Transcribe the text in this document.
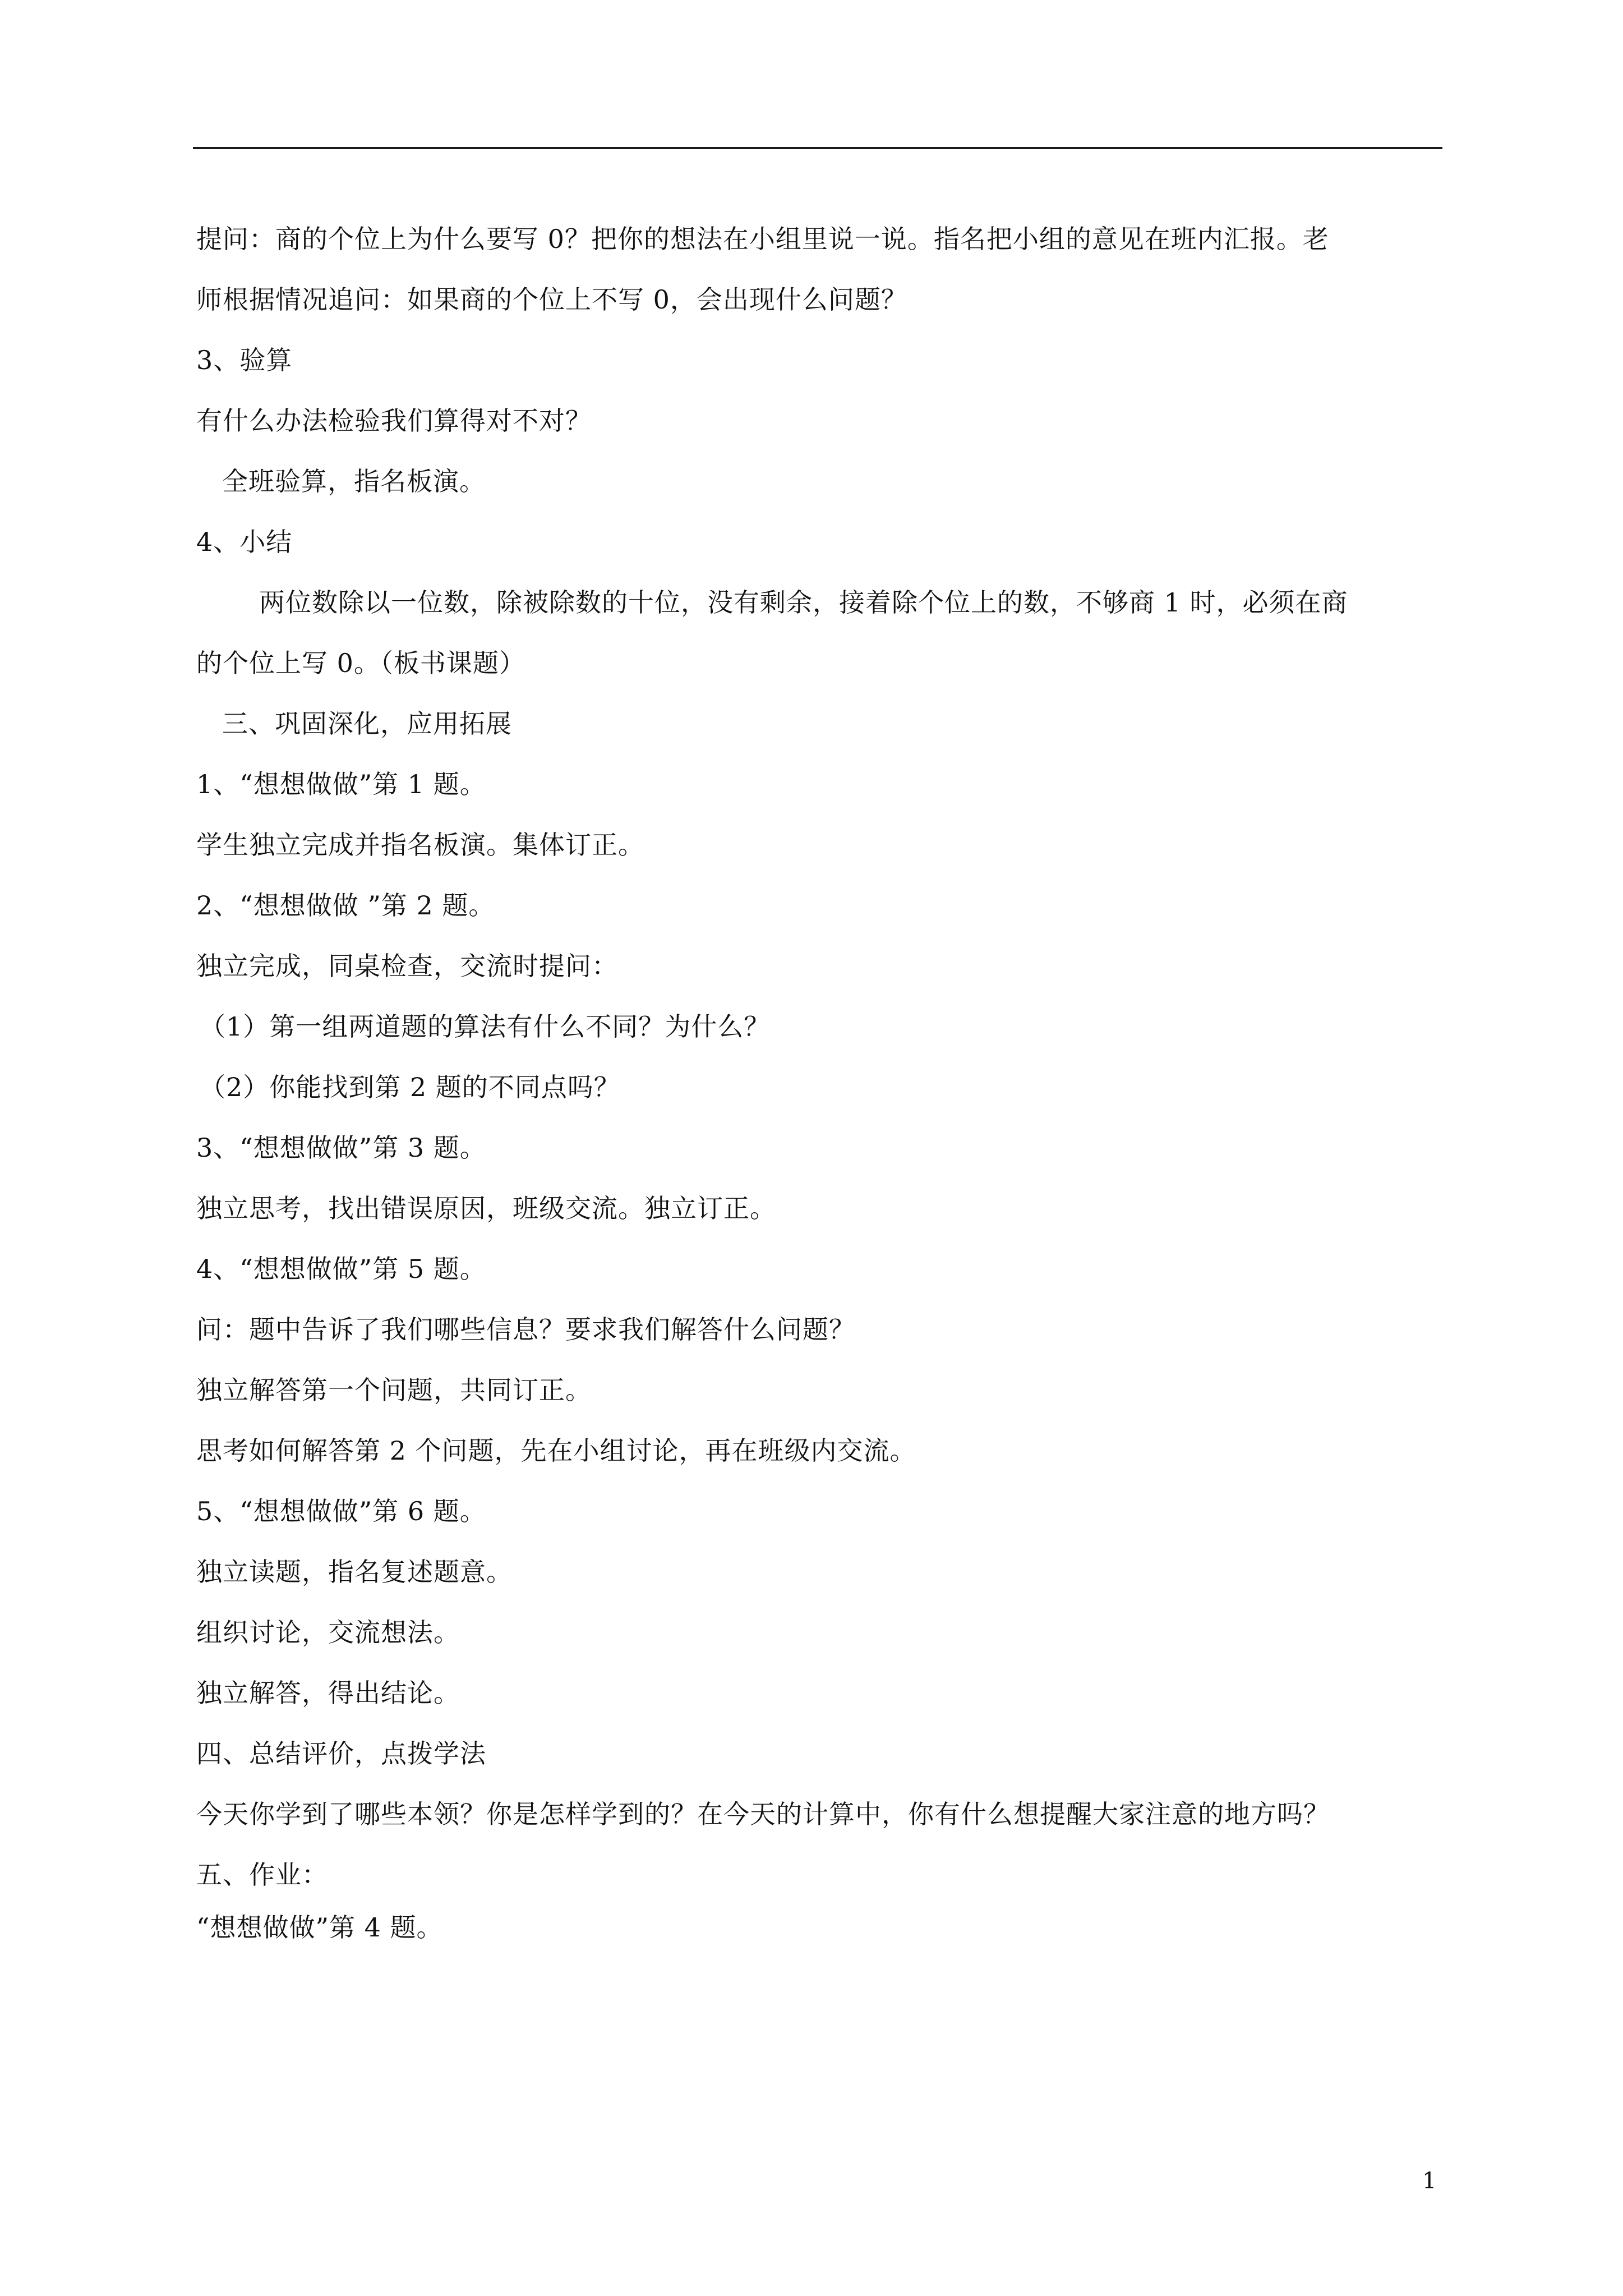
提问：商的个位上为什么要写 0？把你的想法在小组里说一说。指名把小组的意见在班内汇报。老
师根据情况追问：如果商的个位上不写 0，会出现什么问题？
3、验算
有什么办法检验我们算得对不对？
全班验算，指名板演。
4、小结
两位数除以一位数，除被除数的十位，没有剩余，接着除个位上的数，不够商 1 时，必须在商
的个位上写 0。（板书课题）
三、巩固深化，应用拓展
1、“想想做做”第 1 题。
学生独立完成并指名板演。集体订正。
2、“想想做做 ”第 2 题。
独立完成，同桌检查，交流时提问：
（1）第一组两道题的算法有什么不同？为什么？
（2）你能找到第 2 题的不同点吗？
3、“想想做做”第 3 题。
独立思考，找出错误原因，班级交流。独立订正。
4、“想想做做”第 5 题。
问：题中告诉了我们哪些信息？要求我们解答什么问题？
独立解答第一个问题，共同订正。
思考如何解答第 2 个问题，先在小组讨论，再在班级内交流。
5、“想想做做”第 6 题。
独立读题，指名复述题意。
组织讨论，交流想法。
独立解答，得出结论。
四、总结评价，点拨学法
今天你学到了哪些本领？你是怎样学到的？在今天的计算中，你有什么想提醒大家注意的地方吗？
五、作业：
“想想做做”第 4 题。
1
